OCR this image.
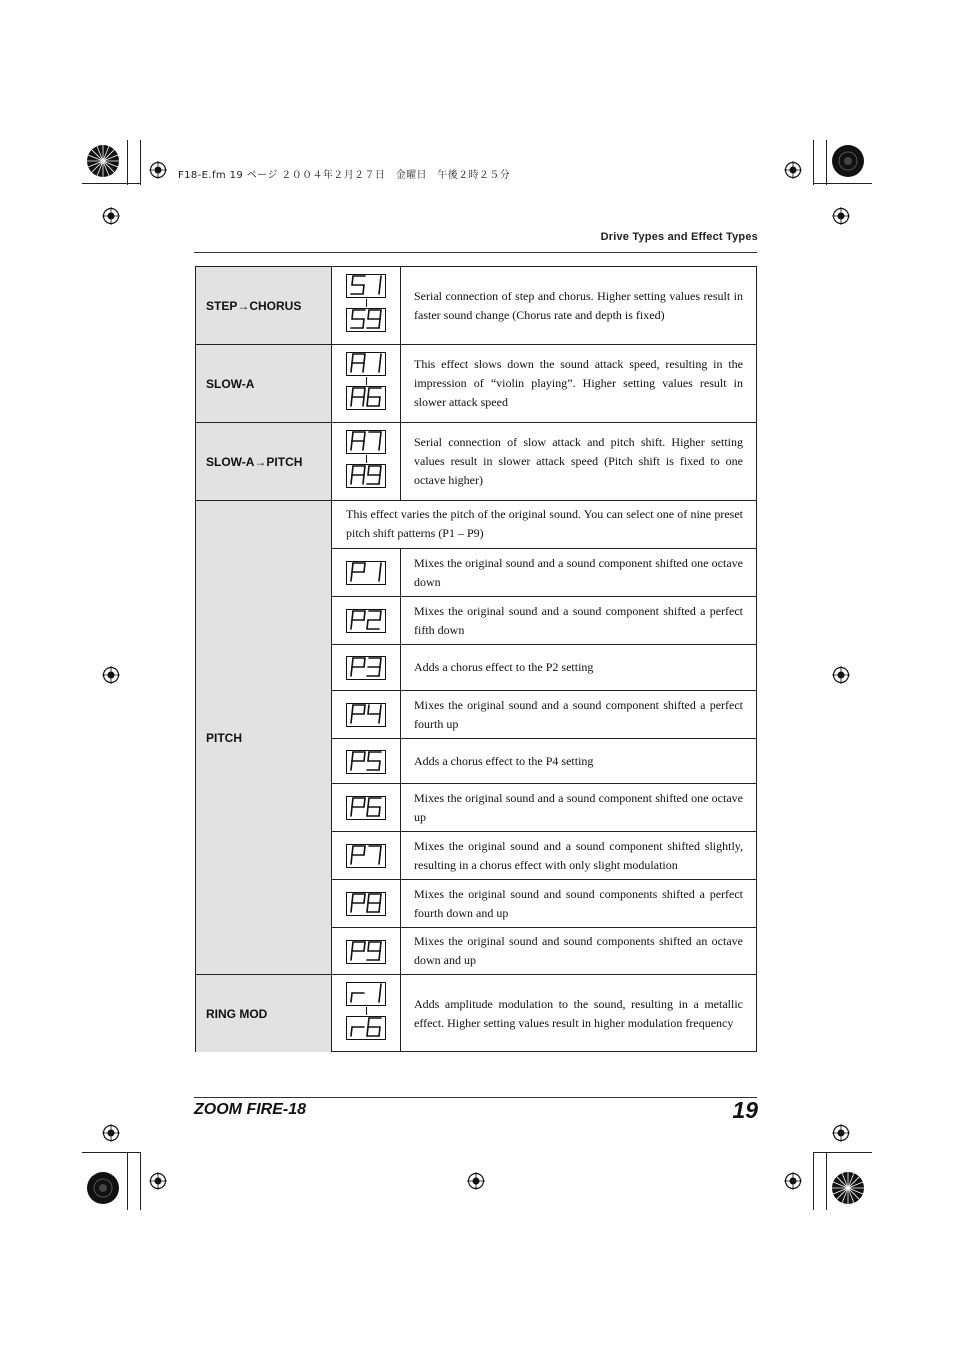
F18-E.fm 19 ページ ２００４年２月２７日　金曜日　午後２時２５分
Drive Types and Effect Types
STEP→CHORUS
Serial connection of step and chorus. Higher setting values result in faster sound change (Chorus rate and depth is fixed)
SLOW-A
This effect slows down the sound attack speed, resulting in the impression of “violin playing”. Higher setting values result in slower attack speed
SLOW-A→PITCH
Serial connection of slow attack and pitch shift. Higher setting values result in slower attack speed (Pitch shift is fixed to one octave higher)
PITCH
This effect varies the pitch of the original sound. You can select one of nine preset pitch shift patterns (P1 – P9)
Mixes the original sound and a sound component shifted one octave down
Mixes the original sound and a sound component shifted a perfect fifth down
Adds a chorus effect to the P2 setting
Mixes the original sound and a sound component shifted a perfect fourth up
Adds a chorus effect to the P4 setting
Mixes the original sound and a sound component shifted one octave up
Mixes the original sound and a sound component shifted slightly, resulting in a chorus effect with only slight modulation
Mixes the original sound and sound components shifted a perfect fourth down and up
Mixes the original sound and sound components shifted an octave down and up
RING MOD
Adds amplitude modulation to the sound, resulting in a metallic effect. Higher setting values result in higher modulation frequency
ZOOM FIRE-18	19
